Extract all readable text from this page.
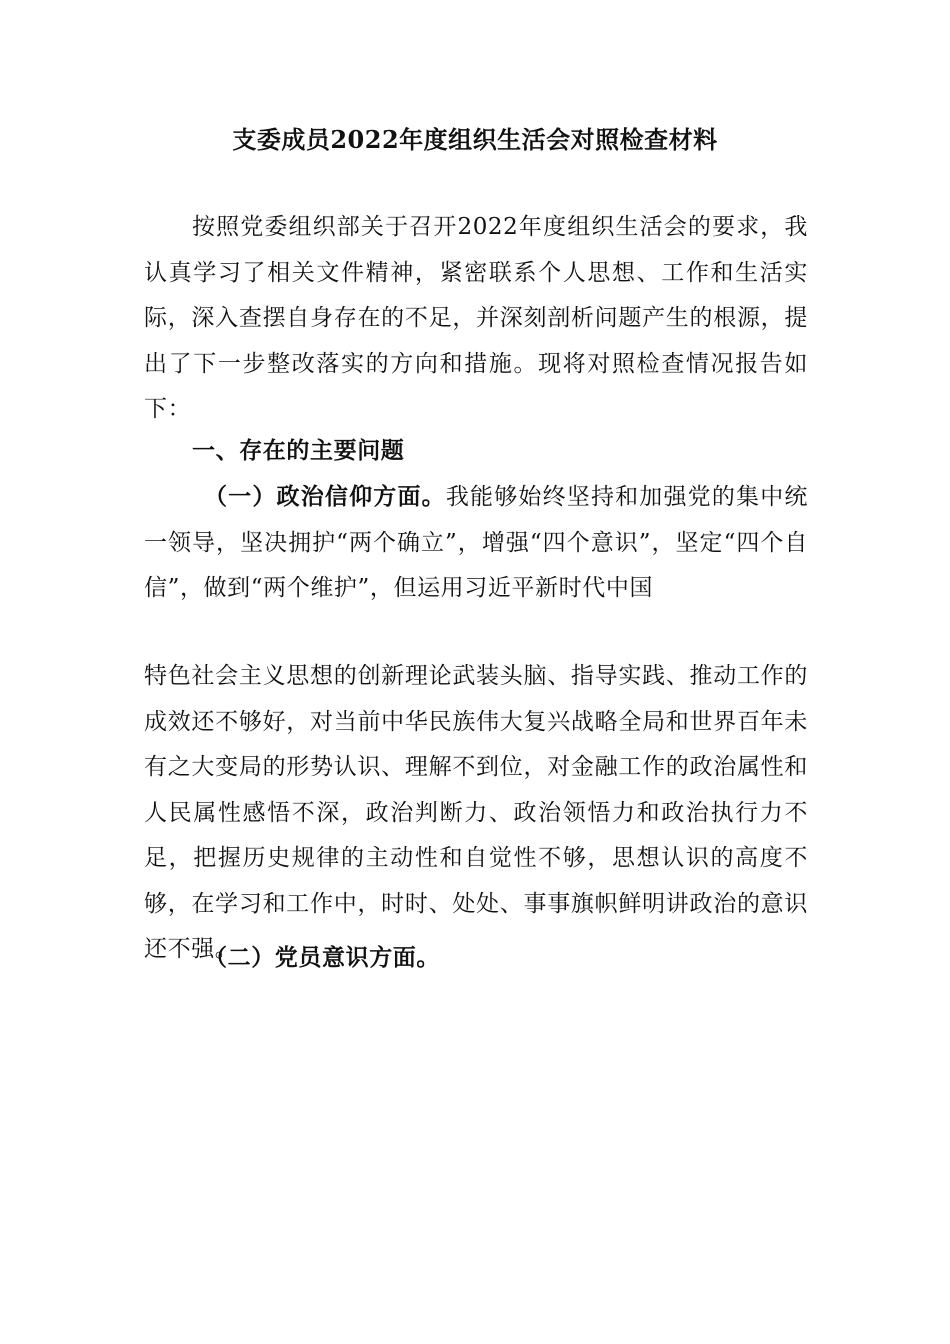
支委成员2022年度组织生活会对照检查材料
按照党委组织部关于召开2022年度组织生活会的要求，我认真学习了相关文件精神，紧密联系个人思想、工作和生活实际，深入查摆自身存在的不足，并深刻剖析问题产生的根源，提出了下一步整改落实的方向和措施。现将对照检查情况报告如下：
一、存在的主要问题
（一）政治信仰方面。我能够始终坚持和加强党的集中统一领导，坚决拥护“两个确立”，增强“四个意识”，坚定“四个自信”，做到“两个维护”，但运用习近平新时代中国
特色社会主义思想的创新理论武装头脑、指导实践、推动工作的成效还不够好，对当前中华民族伟大复兴战略全局和世界百年未有之大变局的形势认识、理解不到位，对金融工作的政治属性和人民属性感悟不深，政治判断力、政治领悟力和政治执行力不足，把握历史规律的主动性和自觉性不够，思想认识的高度不够，在学习和工作中，时时、处处、事事旗帜鲜明讲政治的意识还不强。
（二）党员意识方面。
